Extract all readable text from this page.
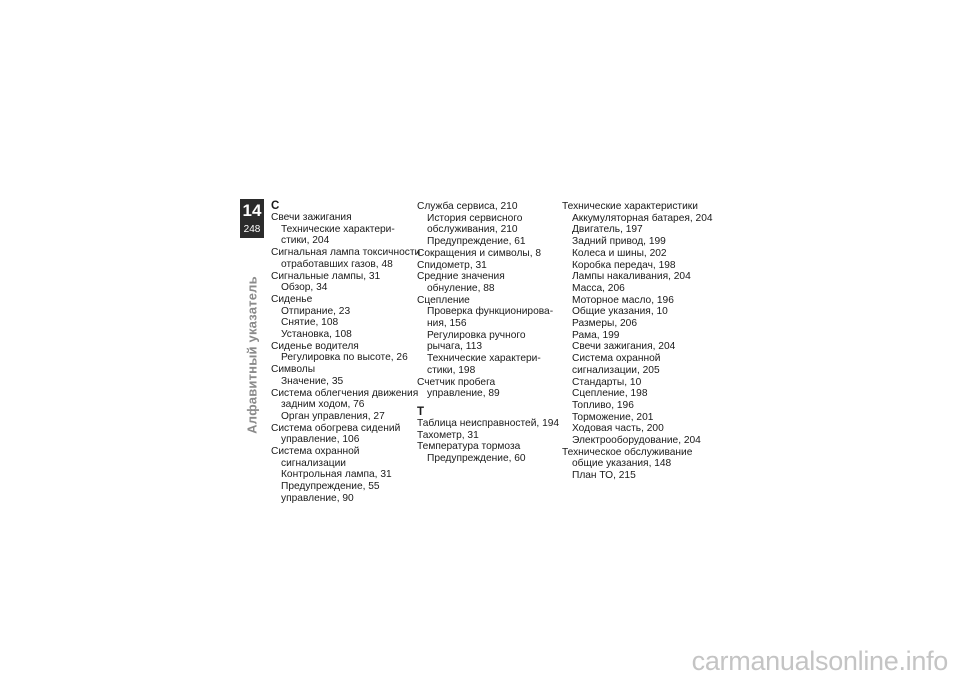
14
248
Алфавитный указатель
С
Свечи зажигания
Технические характери-
стики, 204
Сигнальная лампа токсичности
отработавших газов, 48
Сигнальные лампы, 31
Обзор, 34
Сиденье
Отпирание, 23
Снятие, 108
Установка, 108
Сиденье водителя
Регулировка по высоте, 26
Символы
Значение, 35
Система облегчения движения
задним ходом, 76
Орган управления, 27
Система обогрева сидений
управление, 106
Система охранной
сигнализации
Контрольная лампа, 31
Предупреждение, 55
управление, 90
Служба сервиса, 210
История сервисного
обслуживания, 210
Предупреждение, 61
Сокращения и символы, 8
Спидометр, 31
Средние значения
обнуление, 88
Сцепление
Проверка функционирова-
ния, 156
Регулировка ручного
рычага, 113
Технические характери-
стики, 198
Счетчик пробега
управление, 89
Т
Таблица неисправностей, 194
Тахометр, 31
Температура тормоза
Предупреждение, 60
Технические характеристики
Аккумуляторная батарея, 204
Двигатель, 197
Задний привод, 199
Колеса и шины, 202
Коробка передач, 198
Лампы накаливания, 204
Масса, 206
Моторное масло, 196
Общие указания, 10
Размеры, 206
Рама, 199
Свечи зажигания, 204
Система охранной
сигнализации, 205
Стандарты, 10
Сцепление, 198
Топливо, 196
Торможение, 201
Ходовая часть, 200
Электрооборудование, 204
Техническое обслуживание
общие указания, 148
План ТО, 215
carmanualsonline.info
